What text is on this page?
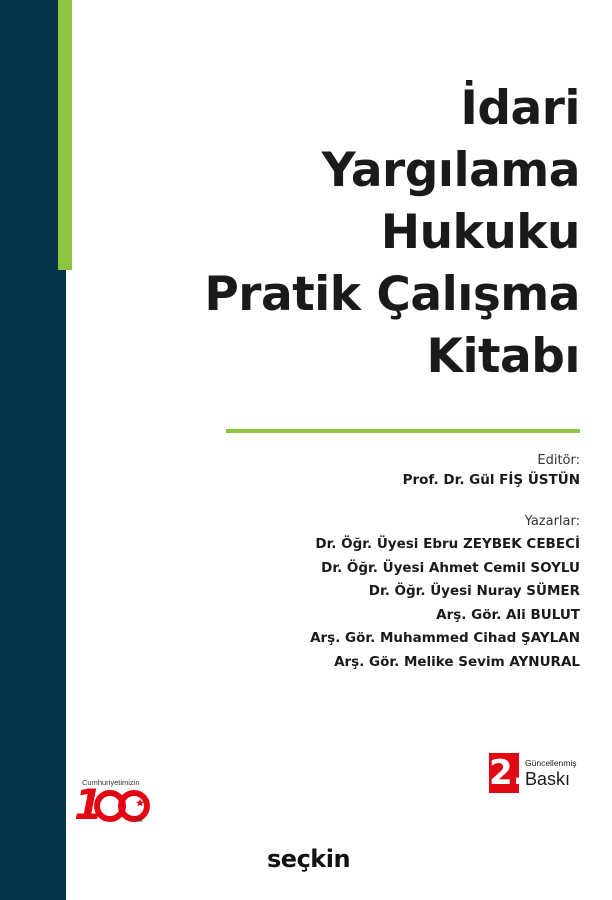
İdari
Yargılama
Hukuku
Pratik Çalışma
Kitabı
Editör:
Prof. Dr. Gül FİŞ ÜSTÜN
Yazarlar:
Dr. Öğr. Üyesi Ebru ZEYBEK CEBECİ
Dr. Öğr. Üyesi Ahmet Cemil SOYLU
Dr. Öğr. Üyesi Nuray SÜMER
Arş. Gör. Ali BULUT
Arş. Gör. Muhammed Cihad ŞAYLAN
Arş. Gör. Melike Sevim AYNURAL
2. Güncellenmiş
Baskı
Cumhuriyetimizin
1	Yılı
seçkin
